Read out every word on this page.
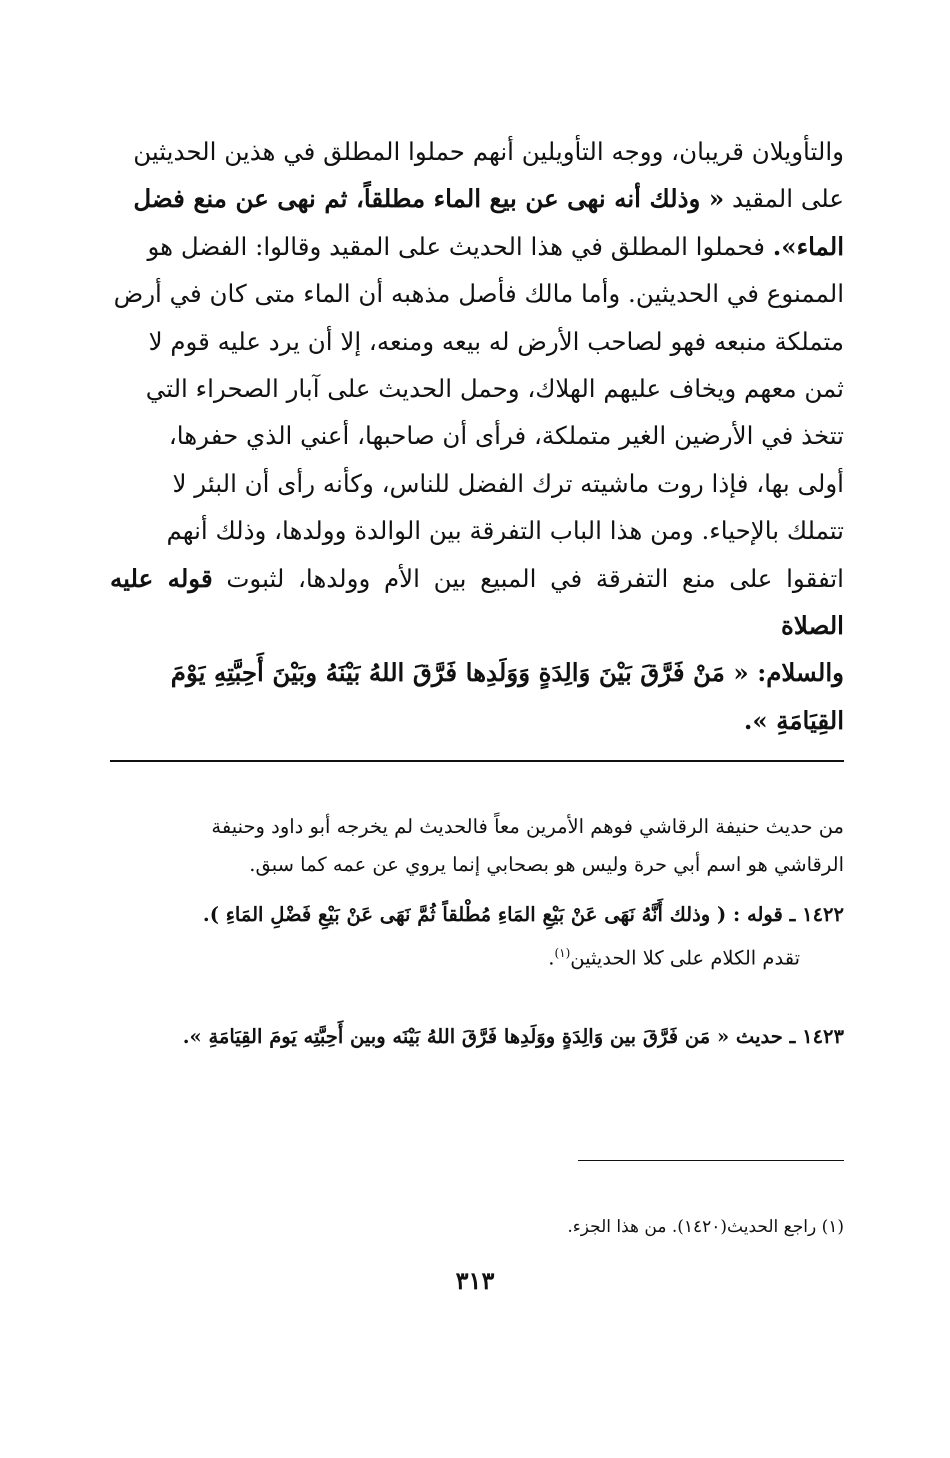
والتأويلان قريبان، ووجه التأويلين أنهم حملوا المطلق في هذين الحديثين

على المقيد « وذلك أنه نهى عن بيع الماء مطلقاً، ثم نهى عن منع فضل

الماء». فحملوا المطلق في هذا الحديث على المقيد وقالوا: الفضل هو

الممنوع في الحديثين. وأما مالك فأصل مذهبه أن الماء متى كان في أرض

متملكة منبعه فهو لصاحب الأرض له بيعه ومنعه، إلا أن يرد عليه قوم لا

ثمن معهم ويخاف عليهم الهلاك، وحمل الحديث على آبار الصحراء التي

تتخذ في الأرضين الغير متملكة، فرأى أن صاحبها، أعني الذي حفرها،

أولى بها، فإذا روت ماشيته ترك الفضل للناس، وكأنه رأى أن البئر لا

تتملك بالإحياء. ومن هذا الباب التفرقة بين الوالدة وولدها، وذلك أنهم

اتفقوا على منع التفرقة في المبيع بين الأم وولدها، لثبوت قوله عليه الصلاة

والسلام: « مَنْ فَرَّقَ بَيْنَ وَالِدَةٍ وَوَلَدِها فَرَّقَ اللهُ بَيْنَهُ وبَيْنَ أَحِبَّتِهِ يَوْمَ

القِيَامَةِ ».

من حديث حنيفة الرقاشي فوهم الأمرين معاً فالحديث لم يخرجه أبو داود وحنيفة

الرقاشي هو اسم أبي حرة وليس هو بصحابي إنما يروي عن عمه كما سبق.

١٤٢٢ ـ قوله : ( وذلك أَنَّهُ نَهَى عَنْ بَيْعِ المَاءِ مُطْلقاً ثُمَّ نَهَى عَنْ بَيْعِ فَضْلِ المَاءِ ).

تقدم الكلام على كلا الحديثين$^{(١)}$.

١٤٢٣ ـ حديث « مَن فَرَّقَ بين وَالِدَةٍ ووَلَدِها فَرَّقَ اللهُ بَيْنَه وبين أَحِبَّتِه يَومَ القِيَامَةِ ».

(١) راجع الحديث(١٤٢٠). من هذا الجزء.
٣١٣
